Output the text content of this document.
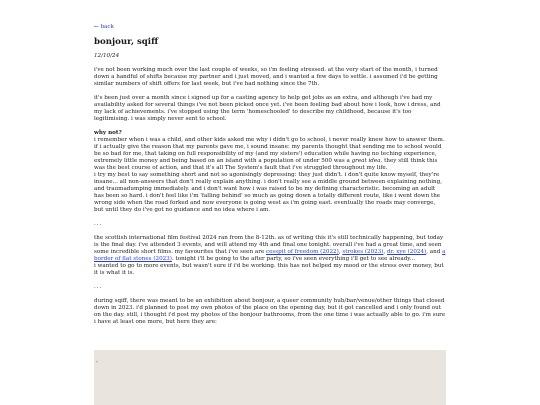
← back
bonjour, sqiff

12/10/24

i've not been working much over the last couple of weeks, so i'm feeling stressed. at the very start of the month, i turned down a handful of shifts because my partner and i just moved, and i wanted a few days to settle. i assumed i'd be getting similar numbers of shift offers for last week, but i've had nothing since the 7th.

it's been just over a month since i signed up for a casting agency to help get jobs as an extra, and although i've had my availability asked for several things i've not been picked once yet. i've been feeling bad about how i look, how i dress, and my lack of achievements. i've stopped using the term 'homeschooled' to describe my childhood, because it's too legitimising. i was simply never sent to school.

why not?

i remember when i was a child, and other kids asked me why i didn't go to school, i never really knew how to answer them. if i actually give the reason that my parents gave me, i sound insane: my parents thought that sending me to school would be so bad for me, that taking on full responsibility of my (and my sisters') education while having no teching experience, extremely little money and being based on an island with a population of under 500 was a great idea. they still think this was the best course of action, and that it's all The System's fault that i've struggled throughout my life.

i try my best to say something short and not so agonisingly depressing: they just didn't. i don't quite know myself, they're insane... all non-answers that don't really explain anything. i don't really see a middle ground between explaining nothing, and traumadumping immediately. and i don't want how i was raised to be my defining characteristic. becoming an adult has been so hard. i don't feel like i'm 'falling behind' so much as going down a totally different route, like i went down the wrong side when the road forked and now everyone is going west as i'm going east. eventually the roads may converge, but until they do i've got no guidance and no idea where i am.

...

the scottish international film festival 2024 ran from the 8-12th. as of writing this it's still technically happening, but today is the final day. i've attended 3 events, and will attend my 4th and final one tonight. overall i've had a great time, and seen some incredible short films. my favourites that i've seen are cesspit of freedom (2022), strokes (2023), dr. xye (2024), and a border of flat stones (2023). tonight i'll be going to the after party, so i've seen everything i'll get to see already...

i wanted to go to more events, but wasn't sure if i'd be working. this has not helped my mood or the stress over money, but it is what it is.

...

during sqiff, there was meant to be an exhibition about bonjour, a queer community hub/bar/venue/other things that closed down in 2023. i'd planned to post my own photos of the place on the opening day, but it got cancelled and i only found out on the day. still, i thought i'd post my photos of the bonjour bathrooms, from the one time i was actually able to go. i'm sure i have at least one more, but here they are:

‹
